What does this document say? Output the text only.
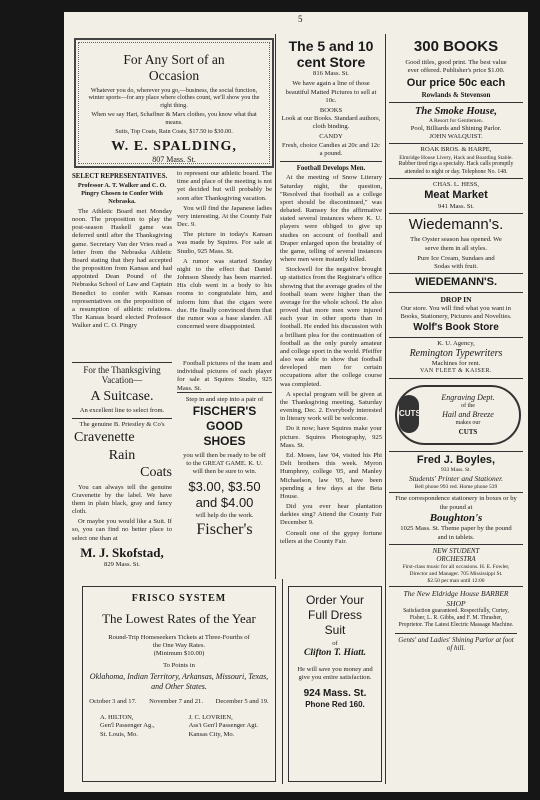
5
For Any Sort of an
Occasion
Whatever you do, wherever you go,—business, the social function, winter sports—for any place where clothes count, we'll show you the right thing.
When we say Hart, Schaffner & Marx clothes, you know what that means.
Suits, Top Coats, Rain Coats, $17.50 to $30.00.
W. E. SPALDING,
807 Mass. St.
SELECT REPRESENTATIVES.
Professor A. T. Walker and C. O. Pingry Chosen to Confer With Nebraska.

The Athletic Board met Monday noon. The proposition to play the post-season Haskell game was deferred until after the Thanksgiving game. Secretary Van der Vries read a letter from the Nebraska Athletic Board stating that they had accepted the proposition from Kansas and had appointed Dean Pound of the Nebraska School of Law and Captain Benedict to confer with Kansas representatives on the proposition of a resumption of athletic relations. The Kansas board elected Professor Walker and C. O. Pingry

For the Thanksgiving Vacation—
A Suitcase.
An excellent line to select from.
The genuine B. Priestley & Co's
Cravenette
Rain
Coats

You can always tell the genuine Cravenette by the label. We have them in plain black, gray and fancy cloth.

Or maybe you would like a Suit. If so, you can find no better place to select one than at

M. J. Skofstad,
829 Mass. St.

to represent our athletic board. The time and place of the meeting is not yet decided but will probably be soon after Thanksgiving vacation.

You will find the Japanese ladies very interesting. At the County Fair Dec. 9.

The picture in today's Kansan was made by Squires. For sale at Studio, 925 Mass. St.

A rumor was started Sunday night to the effect that Daniel Johnson Sheedy has been married. His club went in a body to his rooms to congratulate him, and inform him that the cigars were due. He finally convinced them that the rumor was a base slander. All concerned were disappointed.

Football pictures of the team and individual pictures of each player for sale at Squires Studio, 925 Mass. St.

Step in and step into a pair of
FISCHER'S
GOOD
SHOES
you will then be ready to be off to the GREAT GAME. K. U. will then be sure to win.
$3.00, $3.50
and $4.00
will help do the work.
Fischer's
FRISCO SYSTEM
The Lowest Rates of the Year
Round-Trip Homeseekers Tickets at Three-Fourths of the One Way Rates.
(Minimum $10.00)
To Points in
Oklahoma, Indian Territory, Arkansas, Missouri, Texas, and Other States.
October 3 and 17. November 7 and 21. December 5 and 19.
A. HILTON,
Gen'l Passenger Ag.,
St. Louis, Mo.
J. C. LOVRIEN,
Ass't Gen'l Passenger Agt.
Kansas City, Mo.
The 5 and 10 cent Store
816 Mass. St.
We have again a line of those beautiful Matted Pictures to sell at 10c.
BOOKS
Look at our Books. Standard authors, cloth binding.
CANDY
Fresh, choice Candies at 20c and 12c a pound.
Football Develops Men.

At the meeting of Snow Literary Saturday night, the question, "Resolved that football as a college sport should be discontinued," was debated. Ramsey for the affirmative stated several instances where K. U. players were obliged to give up studies on account of football and Draper enlarged upon the brutality of the game, telling of several instances where men were instantly killed.

Stockwell for the negative brought up statistics from the Registrar's office showing that the average grades of the football team were higher than the average for the whole school. He also proved that more men were injured each year in other sports than in football. He ended his discussion with a brilliant plea for the continuation of football as the only purely amateur and college sport in the world. Pfeiffer also was able to show that football developed men for certain occupations after the college course was completed.

A special program will be given at the Thanksgiving meeting, Saturday evening, Dec. 2. Everybody interested in literary work will be welcome.

Do it now; have Squires make your picture. Squires Photography, 925 Mass. St.

Ed. Moses, law '04, visited his Phi Delt brothers this week. Myron Humphrey, college '05, and Manley Michaelson, law '05, have been spending a few days at the Beta House.

Did you ever hear plantation darkies sing? Attend the County Fair December 9.

Consult one of the gypsy fortune tellers at the County Fair.

Order Your
Full Dress
Suit
of
Clifton T. Hiatt.
He will save you money and give you entire satisfaction.
924 Mass. St.
Phone Red 160.
300 BOOKS
Good titles, good print. The best value ever offered. Publisher's price $1.00.
Our price 50c each
Rowlands & Stevenson
The Smoke House,
A Resort for Gentlemen.
Pool, Billiards and Shining Parlor.
JOHN WALQUIST.
ROAK BROS. & HARPE,
Elmridge House Livery, Hack and Boarding Stable.
Rubber tired rigs a specialty. Hack calls promptly attended to night or day. Telephone No. 148.
CHAS. L. HESS,
Meat Market
941 Mass. St.
Wiedemann's.
The Oyster season has opened. We serve them in all styles.
Pure Ice Cream, Sundaes and Sodas with fruit.
WIEDEMANN'S.
DROP IN
Our store. You will find what you want in Books, Stationery, Pictures and Novelties.
Wolf's Book Store
K. U. Agency,
Remington Typewriters
Machines for rent.
VAN FLEET & KAISER.
CUTS
Engraving Dept.
of the
Hail and Breeze
makes our
CUTS
Fred J. Boyles,
933 Mass. St.
Students' Printer and Stationer.
Bell phone 993 red. Home phone 539
Fine correspondence stationery in boxes or by the pound at
Boughton's
1025 Mass. St. Theme paper by the pound and in tablets.
NEW STUDENT
ORCHESTRA
First-class music for all occasions. H. E. Fowler, Director and Manager. 705 Mississippi St.
$2.50 per man until 12:00
The New Eldridge House BARBER SHOP
Satisfaction guaranteed. Respectfully, Curtey, Fisher, L. R. Gibbs, and F. M. Thrasher, Proprietor. The Latest Electric Massage Machine.
Gents' and Ladies' Shining Parlor at foot of hill.
